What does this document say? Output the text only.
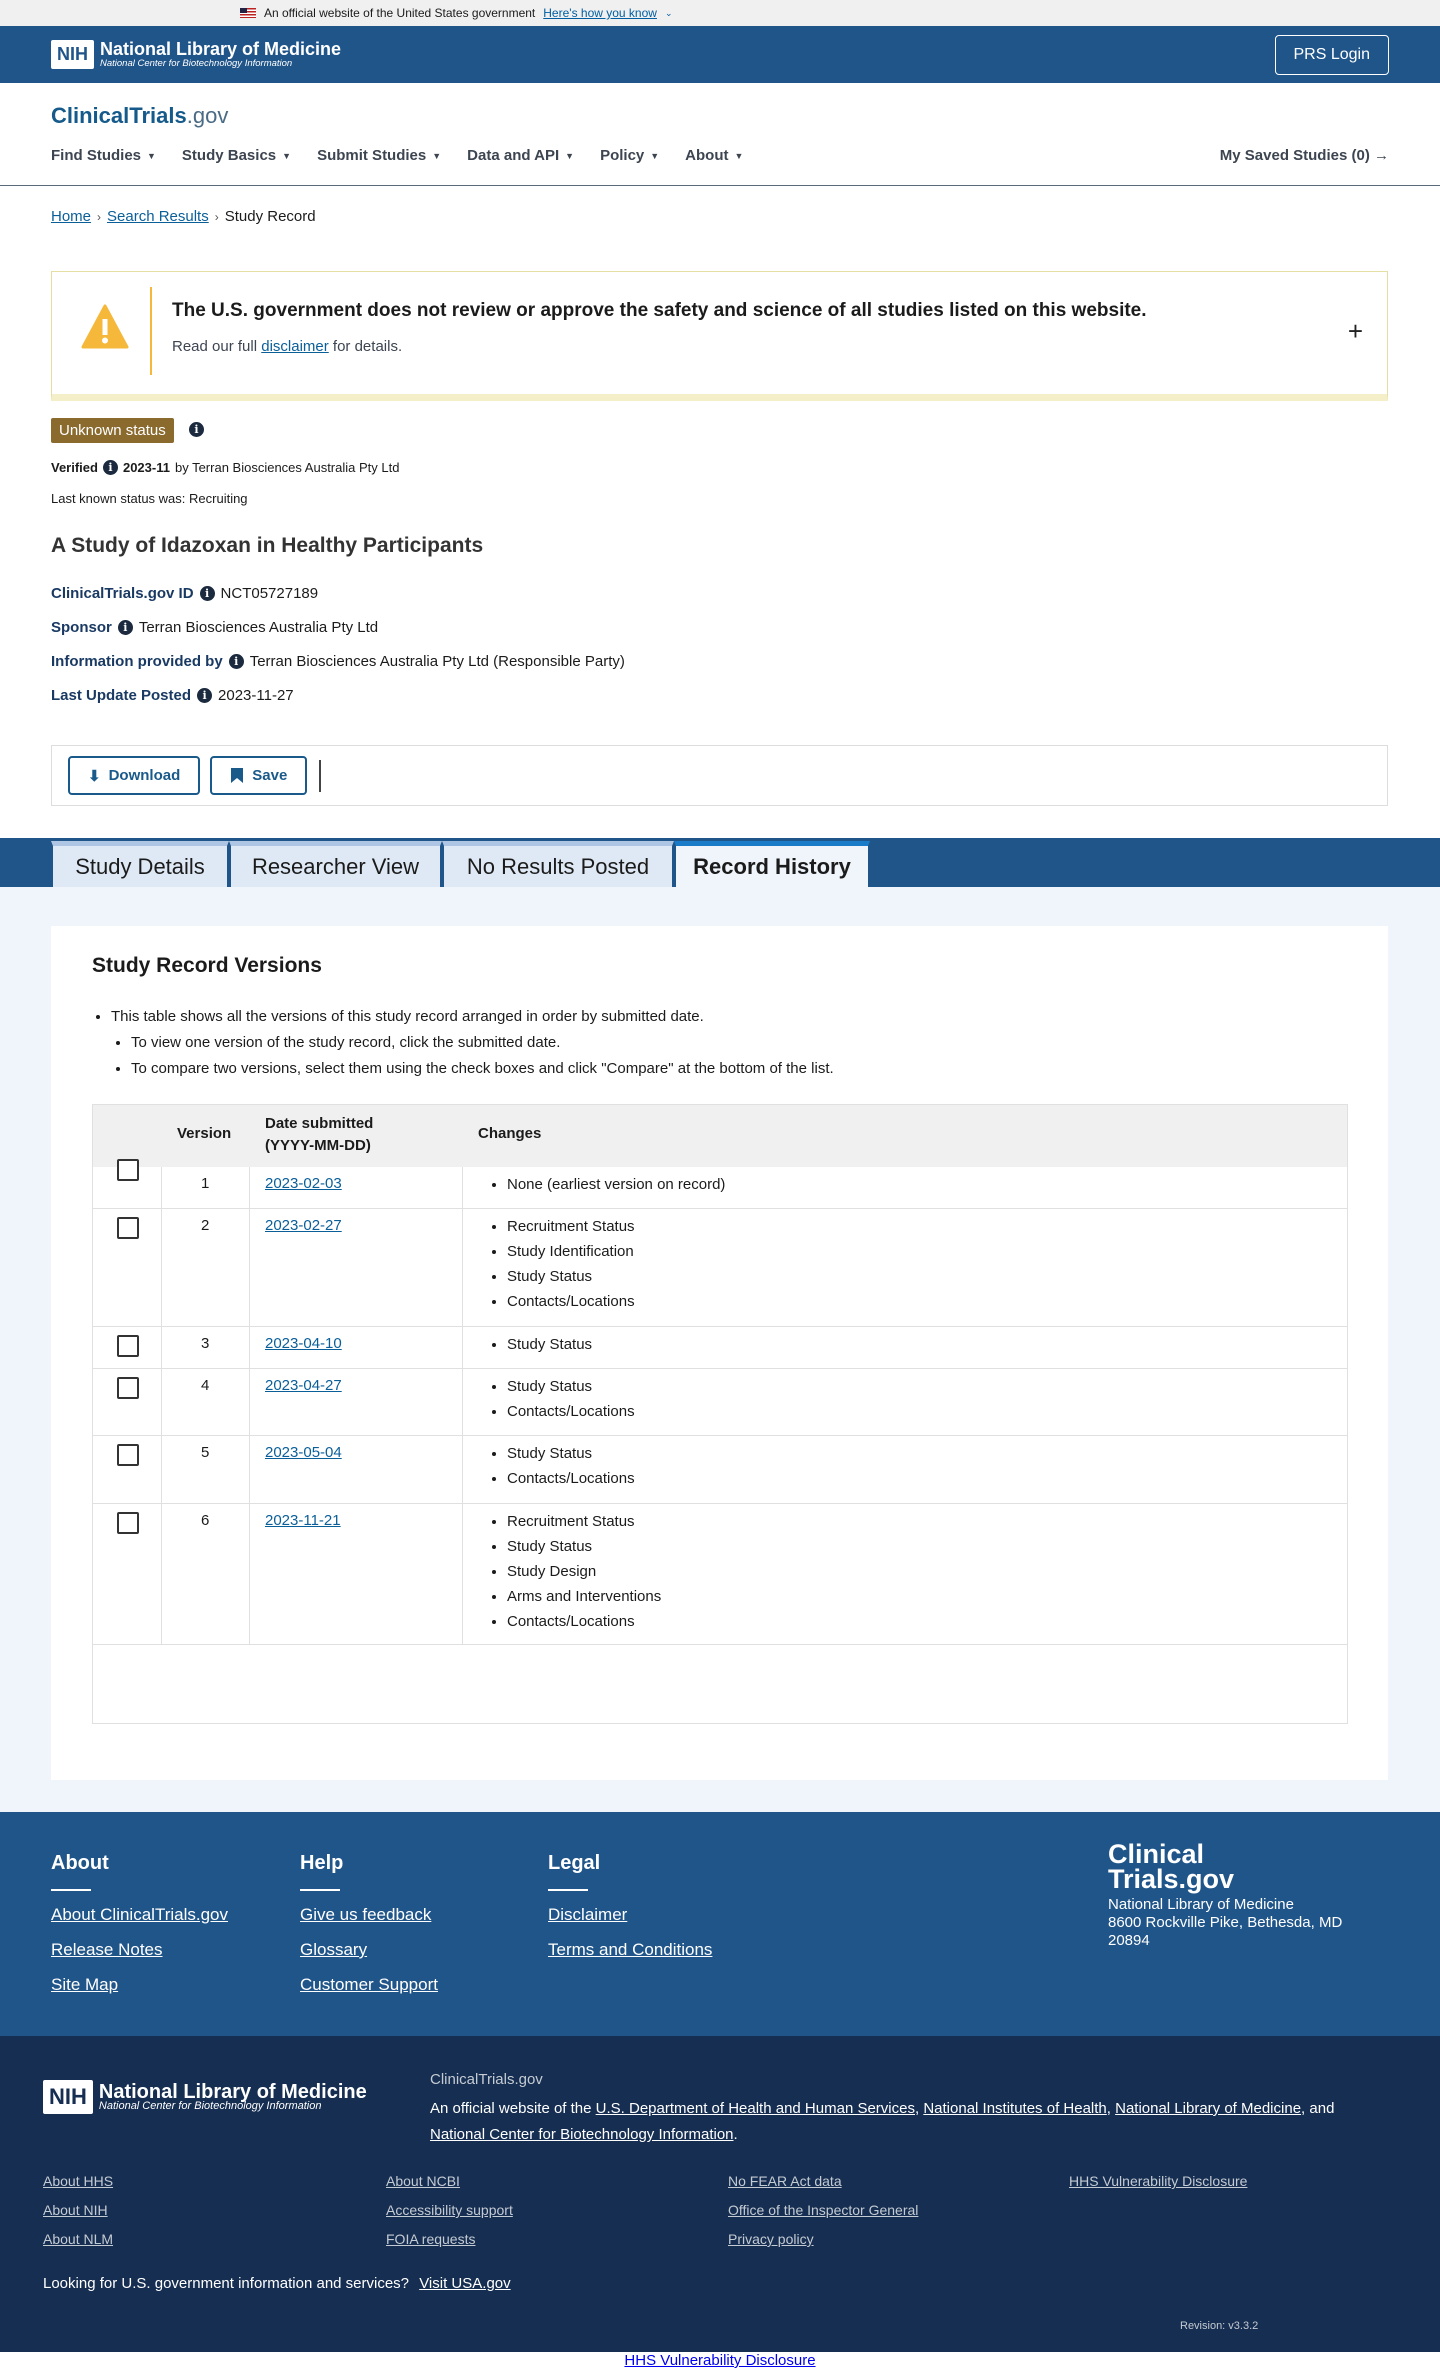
An official website of the United States government Here's how you know ⌄
NIH National Library of Medicine
National Center for Biotechnology Information
PRS Login
ClinicalTrials.gov
Find Studies ▼ Study Basics ▼ Submit Studies ▼ Data and API ▼ Policy ▼ About ▼	My Saved Studies (0) →
Home › Search Results › Study Record
The U.S. government does not review or approve the safety and science of all studies listed on this website.
Read our full disclaimer for details.
+
Unknown status	i
Verified i 2023-11 by Terran Biosciences Australia Pty Ltd
Last known status was: Recruiting
A Study of Idazoxan in Healthy Participants
ClinicalTrials.gov ID	i NCT05727189
Sponsor	i Terran Biosciences Australia Pty Ltd
Information provided by	i Terran Biosciences Australia Pty Ltd (Responsible Party)
Last Update Posted	i 2023-11-27
⬇ Download	Save
Study Details	Researcher View	No Results Posted	Record History
Study Record Versions
• This table shows all the versions of this study record arranged in order by submitted date.
• To view one version of the study record, click the submitted date.
• To compare two versions, select them using the check boxes and click "Compare" at the bottom of the list.
Version
Date submitted
(YYYY-MM-DD)
Changes
1	2023-02-03	• None (earliest version on record)
2	2023-02-27	• Recruitment Status
• Study Identification
• Study Status
• Contacts/Locations
3	2023-04-10	• Study Status
4	2023-04-27	• Study Status
• Contacts/Locations
5	2023-05-04	• Study Status
• Contacts/Locations
6	2023-11-21	• Recruitment Status
• Study Status
• Study Design
• Arms and Interventions
• Contacts/Locations
About
About ClinicalTrials.gov
Release Notes
Site Map
Help
Give us feedback
Glossary
Customer Support
Legal
Disclaimer
Terms and Conditions
Clinical
Trials.gov
National Library of Medicine
8600 Rockville Pike, Bethesda, MD
20894
NIH National Library of Medicine
National Center for Biotechnology Information
ClinicalTrials.gov
An official website of the U.S. Department of Health and Human Services, National Institutes of Health, National Library of Medicine, and National Center for Biotechnology Information.
About HHS
About NIH
About NLM
About NCBI
Accessibility support
FOIA requests
No FEAR Act data
Office of the Inspector General
Privacy policy
HHS Vulnerability Disclosure
Looking for U.S. government information and services? Visit USA.gov
Revision: v3.3.2
HHS Vulnerability Disclosure
